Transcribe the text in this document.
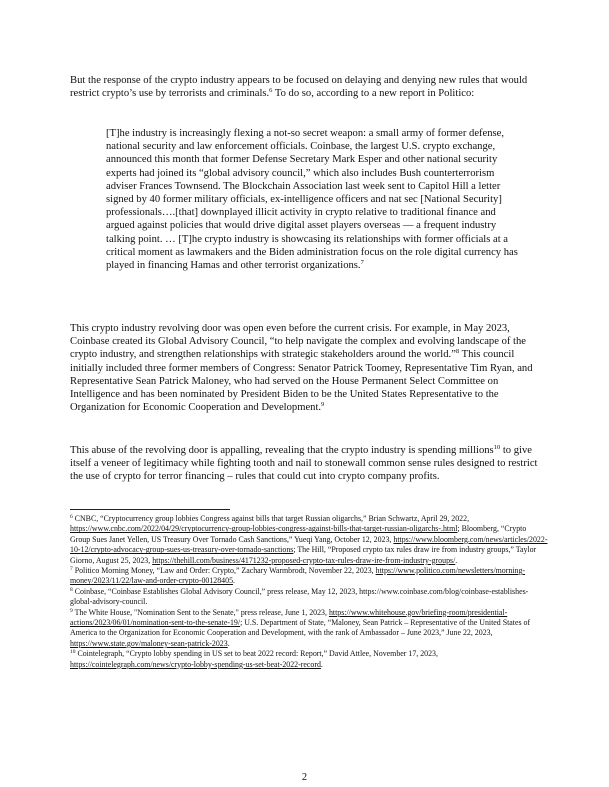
But the response of the crypto industry appears to be focused on delaying and denying new rules that would restrict crypto’s use by terrorists and criminals.$^6$ To do so, according to a new report in Politico:

[T]he industry is increasingly flexing a not-so secret weapon: a small army of former defense, national security and law enforcement officials. Coinbase, the largest U.S. crypto exchange, announced this month that former Defense Secretary Mark Esper and other national security experts had joined its “global advisory council,” which also includes Bush counterterrorism adviser Frances Townsend. The Blockchain Association last week sent to Capitol Hill a letter signed by 40 former military officials, ex-intelligence officers and nat sec [National Security] professionals….[that] downplayed illicit activity in crypto relative to traditional finance and argued against policies that would drive digital asset players overseas — a frequent industry talking point. … [T]he crypto industry is showcasing its relationships with former officials at a critical moment as lawmakers and the Biden administration focus on the role digital currency has played in financing Hamas and other terrorist organizations.$^7$

This crypto industry revolving door was open even before the current crisis. For example, in May 2023, Coinbase created its Global Advisory Council, “to help navigate the complex and evolving landscape of the crypto industry, and strengthen relationships with strategic stakeholders around the world.”$^8$ This council initially included three former members of Congress: Senator Patrick Toomey, Representative Tim Ryan, and Representative Sean Patrick Maloney, who had served on the House Permanent Select Committee on Intelligence and has been nominated by President Biden to be the United States Representative to the Organization for Economic Cooperation and Development.$^9$

This abuse of the revolving door is appalling, revealing that the crypto industry is spending millions$^{10}$ to give itself a veneer of legitimacy while fighting tooth and nail to stonewall common sense rules designed to restrict the use of crypto for terror financing – rules that could cut into crypto company profits.

$^6$ CNBC, “Cryptocurrency group lobbies Congress against bills that target Russian oligarchs,” Brian Schwartz, April 29, 2022, https://www.cnbc.com/2022/04/29/cryptocurrency-group-lobbies-congress-against-bills-that-target-russian-oligarchs-.html; Bloomberg, “Crypto Group Sues Janet Yellen, US Treasury Over Tornado Cash Sanctions,” Yueqi Yang, October 12, 2023, https://www.bloomberg.com/news/articles/2022-10-12/crypto-advocacy-group-sues-us-treasury-over-tornado-sanctions; The Hill, “Proposed crypto tax rules draw ire from industry groups,” Taylor Giorno, August 25, 2023, https://thehill.com/business/4171232-proposed-crypto-tax-rules-draw-ire-from-industry-groups/.

$^7$ Politico Morning Money, “Law and Order: Crypto,” Zachary Warmbrodt, November 22, 2023, https://www.politico.com/newsletters/morning-money/2023/11/22/law-and-order-crypto-00128405.

$^8$ Coinbase, “Coinbase Establishes Global Advisory Council,” press release, May 12, 2023, https://www.coinbase.com/blog/coinbase-establishes-global-advisory-council.

$^9$ The White House, "Nomination Sent to the Senate," press release, June 1, 2023, https://www.whitehouse.gov/briefing-room/presidential-actions/2023/06/01/nomination-sent-to-the-senate-19/; U.S. Department of State, “Maloney, Sean Patrick – Representative of the United States of America to the Organization for Economic Cooperation and Development, with the rank of Ambassador – June 2023,” June 22, 2023, https://www.state.gov/maloney-sean-patrick-2023.

$^{10}$ Cointelegraph, “Crypto lobby spending in US set to beat 2022 record: Report,” David Attlee, November 17, 2023, https://cointelegraph.com/news/crypto-lobby-spending-us-set-beat-2022-record.

2
